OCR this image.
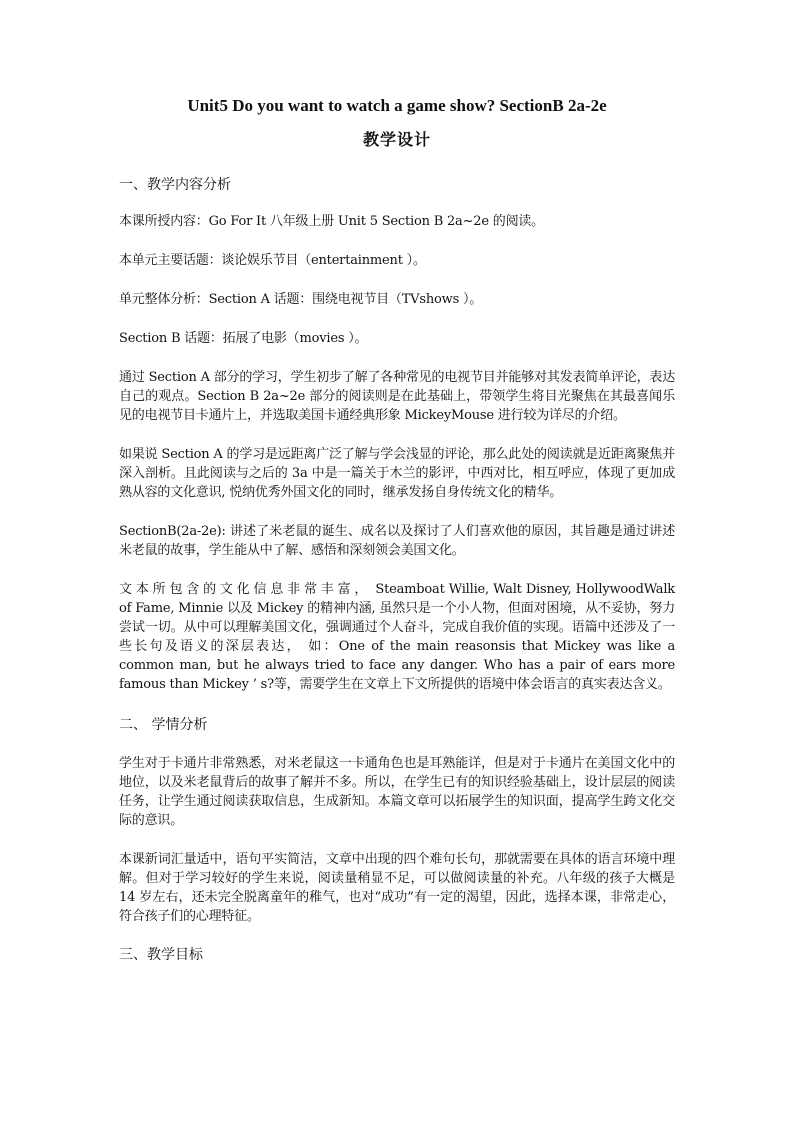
Unit5 Do you want to watch a game show? SectionB 2a-2e
教学设计
一、教学内容分析

本课所授内容：Go For It 八年级上册 Unit 5 Section B 2a~2e 的阅读。

本单元主要话题：谈论娱乐节目（entertainment ）。

单元整体分析：Section A 话题：围绕电视节目（TVshows ）。

Section B 话题：拓展了电影（movies ）。

通过 Section A 部分的学习，学生初步了解了各种常见的电视节目并能够对其发表简单评论，表达自己的观点。Section B 2a~2e 部分的阅读则是在此基础上，带领学生将目光聚焦在其最喜闻乐见的电视节目卡通片上，并选取美国卡通经典形象 MickeyMouse 进行较为详尽的介绍。

如果说 Section A 的学习是远距离广泛了解与学会浅显的评论，那么此处的阅读就是近距离聚焦并深入剖析。且此阅读与之后的 3a 中是一篇关于木兰的影评，中西对比，相互呼应，体现了更加成熟从容的文化意识, 悦纳优秀外国文化的同时，继承发扬自身传统文化的精华。

SectionB(2a-2e): 讲述了米老鼠的诞生、成名以及探讨了人们喜欢他的原因，其旨趣是通过讲述米老鼠的故事，学生能从中了解、感悟和深刻领会美国文化。

文本所包含的文化信息非常丰富， Steamboat Willie, Walt Disney, HollywoodWalk of Fame, Minnie 以及 Mickey 的精神内涵, 虽然只是一个小人物，但面对困境，从不妥协，努力尝试一切。从中可以理解美国文化，强调通过个人奋斗，完成自我价值的实现。语篇中还涉及了一些长句及语义的深层表达， 如：One of the main reasonsis that Mickey was like a common man, but he always tried to face any danger. Who has a pair of ears more famous than Mickey ’ s?等，需要学生在文章上下文所提供的语境中体会语言的真实表达含义。

二、 学情分析

学生对于卡通片非常熟悉，对米老鼠这一卡通角色也是耳熟能详，但是对于卡通片在美国文化中的地位，以及米老鼠背后的故事了解并不多。所以，在学生已有的知识经验基础上，设计层层的阅读任务，让学生通过阅读获取信息，生成新知。本篇文章可以拓展学生的知识面，提高学生跨文化交际的意识。

本课新词汇量适中，语句平实简洁，文章中出现的四个难句长句，那就需要在具体的语言环境中理解。但对于学习较好的学生来说，阅读量稍显不足，可以做阅读量的补充。八年级的孩子大概是 14 岁左右，还未完全脱离童年的稚气，也对“成功”有一定的渴望，因此，选择本课，非常走心，符合孩子们的心理特征。

三、教学目标
